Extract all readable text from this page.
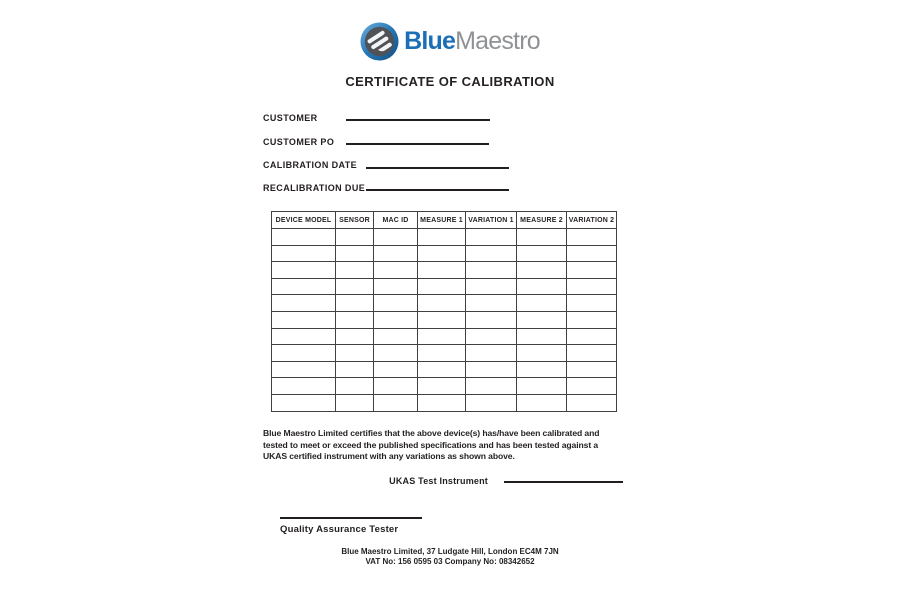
BlueMaestro
CERTIFICATE OF CALIBRATION
CUSTOMER
CUSTOMER PO
CALIBRATION DATE
RECALIBRATION DUE
DEVICE MODEL	SENSOR	MAC ID	MEASURE 1	VARIATION 1	MEASURE 2	VARIATION 2

Blue Maestro Limited certifies that the above device(s) has/have been calibrated and
tested to meet or exceed the published specifications and has been tested against a
UKAS certified instrument with any variations as shown above.
UKAS Test Instrument
Quality Assurance Tester
Blue Maestro Limited, 37 Ludgate Hill, London EC4M 7JN
VAT No: 156 0595 03 Company No: 08342652
